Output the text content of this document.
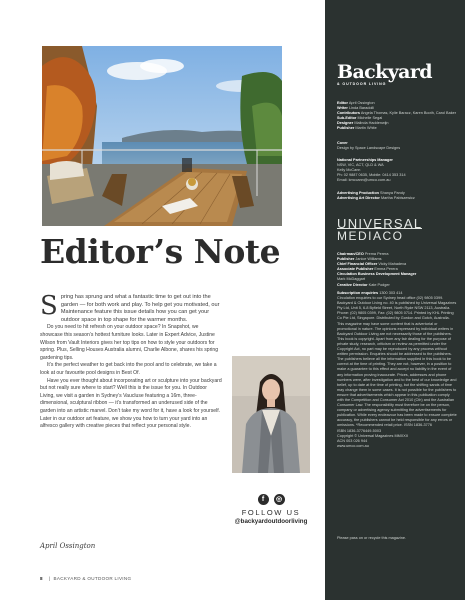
Editor’s Note

Spring has sprung and what a fantastic time to get out into the garden — for both work and play. To help get you motivated, our Maintenance feature this issue details how you can get your outdoor space in top shape for the warmer months.

Do you need to hit refresh on your outdoor space? In Snapshot, we showcase this season’s hottest furniture looks. Later in Expert Advice, Justine Wilson from Vault Interiors gives her top tips on how to style your outdoors for spring. Plus, Selling Houses Australia alumni, Charlie Albone, shares his spring gardening tips.

It’s the perfect weather to get back into the pool and to celebrate, we take a look at our favourite pool designs in Best Of.

Have you ever thought about incorporating art or sculpture into your backyard but not really sure where to start? Well this is the issue for you. In Outdoor Living, we visit a garden in Sydney’s Vaucluse featuring a 16m, three-dimensional, sculptural ribbon — it’s transformed an underused side of the garden into an artistic marvel. Don’t take my word for it, have a look for yourself. Later in our outdoor art feature, we show you how to turn your yard into an alfresco gallery with creative pieces that reflect your personal style.

April Ossington
f	◎
FOLLOW US
@backyardoutdoorliving
8 |  BACKYARD & OUTDOOR LIVING
Backyard
& OUTDOOR LIVING
Editor April Ossington
Writer Linda Baradolli
Contributors Angela Thomas, Kylie Baracz, Karen Booth, Carol Baker
Sub-Editor Michelle Segal
Designer Malinda Haddenwijn
Publisher Martin White
Cover
Design by Space Landscape Designs
National Partnerships Manager
NSW, VIC, ACT, QLD & WA
Kelly McCann
Ph: 02 9887 0635, Mobile: 0414 353 314
Email: kmccann@umco.com.au
Advertising Production Shanya Pandy
Advertising Art Director Martha Pabiszewicz
UNIVERSAL
MEDIACO
Chairman/CEO Prema Perera
Publisher Janice Williams
Chief Financial Officer Vicky Mahadeva
Associate Publisher Emma Perera
Circulation Business Development Manager
Mark McDaggart
Creative Director Kate Podger
Subscription enquiries 1300 303 414
Circulation enquiries to our Sydney head office (02) 9805 0399. Backyard & Outdoor Living no. 40 is published by Universal Magazines Pty Ltd, Unit 5, 6-8 Byfield Street, North Ryde NSW 2113, Australia. Phone: (02) 9805 0399, Fax: (02) 9805 0714. Printed by KHL Printing Co Pte Ltd, Singapore. Distributed by Gordon and Gotch, Australia. This magazine may have some content that is advertorial or promotional in nature. The opinions expressed by individual writers in Backyard Outdoor Living are not necessarily those of the publishers. This book is copyright. Apart from any fair dealing for the purpose of private study, research, criticism or review as permitted under the Copyright Act, no part may be reproduced by any process without written permission. Enquiries should be addressed to the publishers. The publishers believe all the information supplied in this book to be correct at the time of printing. They are not, however, in a position to make a guarantee to this effect and accept no liability in the event of any information proving inaccurate. Prices, addresses and phone numbers were, after investigation and to the best of our knowledge and belief, up to date at the time of printing, but the shifting sands of time may change them in some cases. It is not possible for the publishers to ensure that advertisements which appear in this publication comply with the Competition and Consumer Act 2010 (Cth) and the Australian Consumer Law. The responsibility must therefore be on the person, company or advertising agency submitting the advertisements for publication. While every endeavour has been made to ensure complete accuracy, the publishers cannot be held responsible for any errors or omissions. *Recommended retail price. ISSN 1836-3776
ISBN 1836-3776449-5003
Copyright © Universal Magazines MMXXII
ACN 003 026 944
www.umco.com.au
Please pass on or recycle this magazine.
